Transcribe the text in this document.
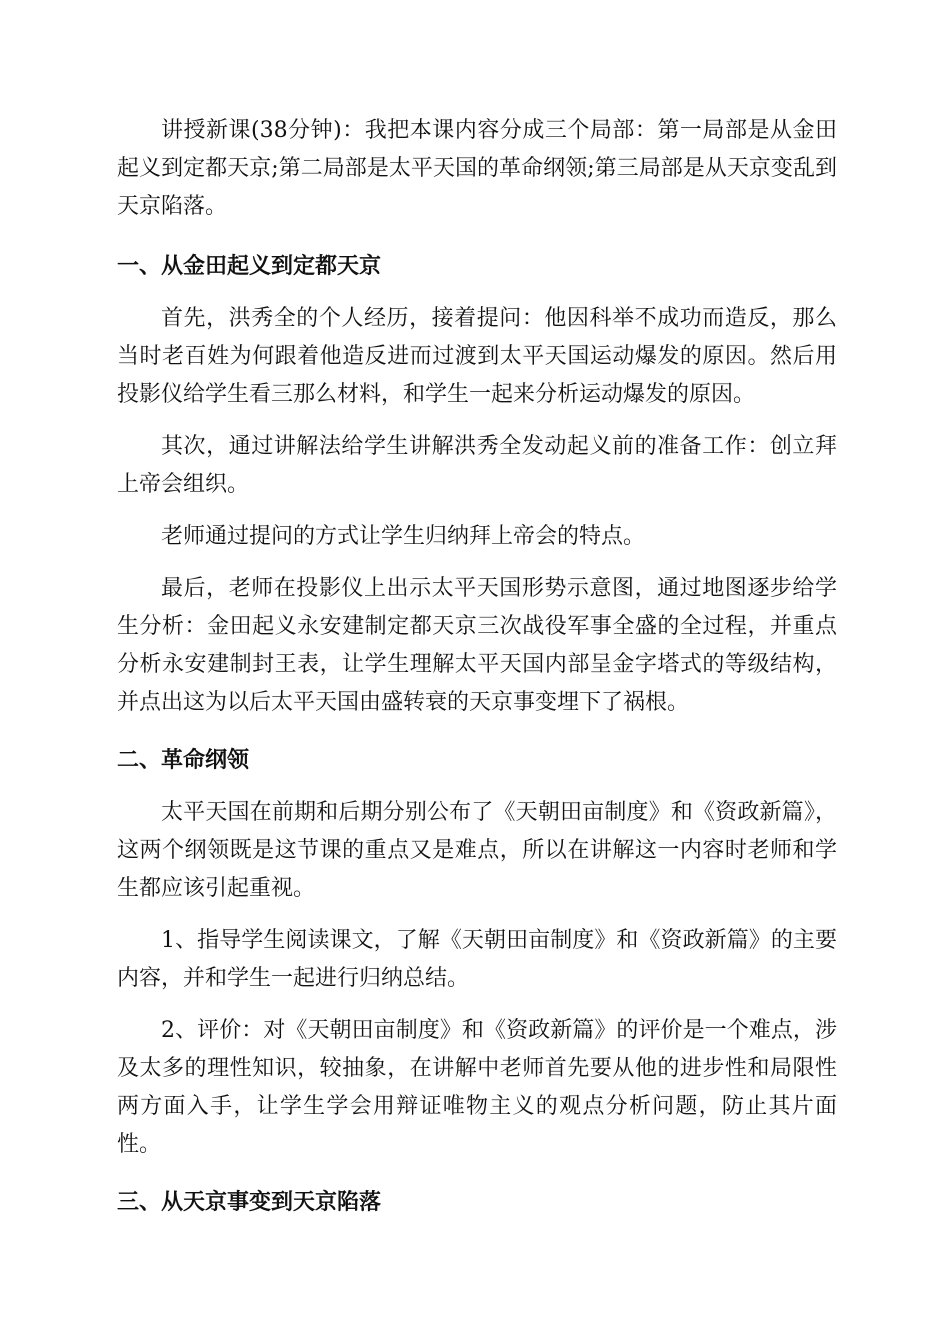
讲授新课(38分钟)：我把本课内容分成三个局部：第一局部是从金田起义到定都天京;第二局部是太平天国的革命纲领;第三局部是从天京变乱到天京陷落。

一、从金田起义到定都天京

首先，洪秀全的个人经历，接着提问：他因科举不成功而造反，那么当时老百姓为何跟着他造反进而过渡到太平天国运动爆发的原因。然后用投影仪给学生看三那么材料，和学生一起来分析运动爆发的原因。

其次，通过讲解法给学生讲解洪秀全发动起义前的准备工作：创立拜上帝会组织。

老师通过提问的方式让学生归纳拜上帝会的特点。

最后，老师在投影仪上出示太平天国形势示意图，通过地图逐步给学生分析：金田起义永安建制定都天京三次战役军事全盛的全过程，并重点分析永安建制封王表，让学生理解太平天国内部呈金字塔式的等级结构，并点出这为以后太平天国由盛转衰的天京事变埋下了祸根。

二、革命纲领

太平天国在前期和后期分别公布了《天朝田亩制度》和《资政新篇》，这两个纲领既是这节课的重点又是难点，所以在讲解这一内容时老师和学生都应该引起重视。

1、指导学生阅读课文，了解《天朝田亩制度》和《资政新篇》的主要内容，并和学生一起进行归纳总结。

2、评价：对《天朝田亩制度》和《资政新篇》的评价是一个难点，涉及太多的理性知识，较抽象，在讲解中老师首先要从他的进步性和局限性两方面入手，让学生学会用辩证唯物主义的观点分析问题，防止其片面性。

三、从天京事变到天京陷落
